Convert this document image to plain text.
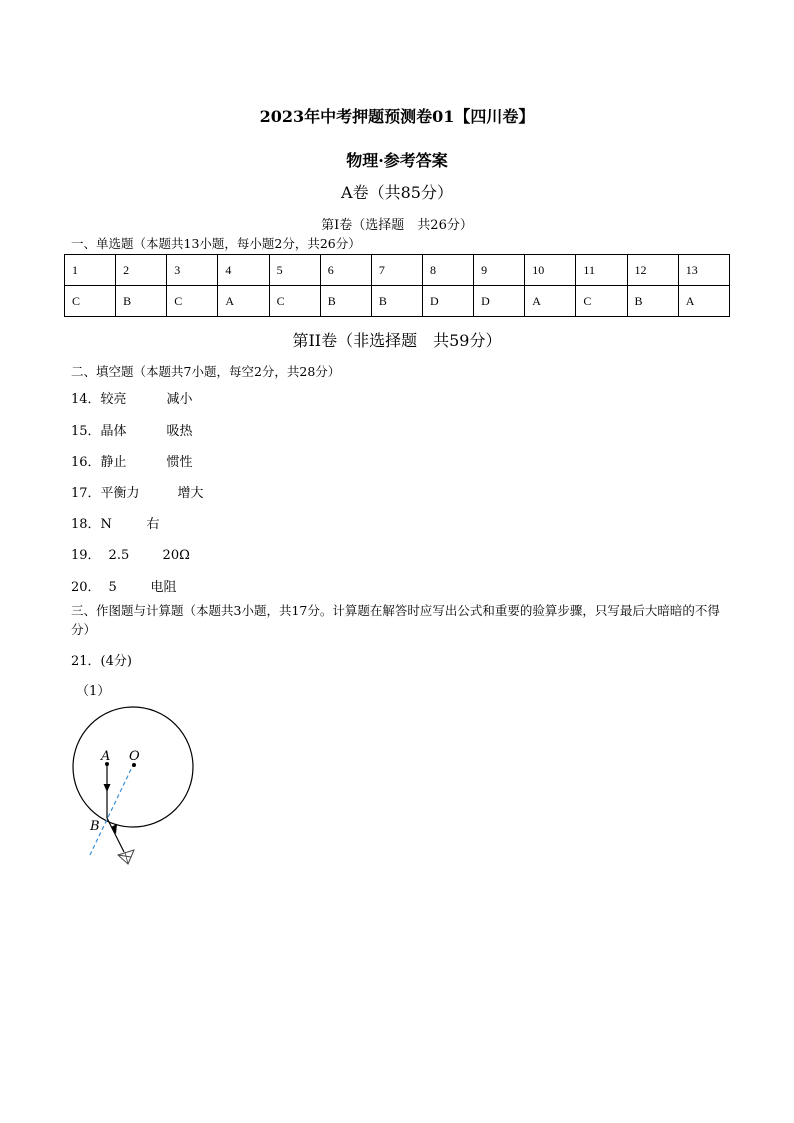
2023年中考押题预测卷01【四川卷】
物理·参考答案
A卷（共85分）
第Ⅰ卷（选择题　共26分）
一、单选题（本题共13小题，每小题2分，共26分）
1	2	3	4	5	6	7	8	9	10	11	12	13
C	B	C	A	C	B	B	D	D	A	C	B	A
第II卷（非选择题　共59分）
二、填空题（本题共7小题，每空2分，共28分）
14．较亮	减小
15．晶体	吸热
16．静止	惯性
17．平衡力	增大
18．N	右
19． 2.5	20Ω
20． 5	电阻
三、作图题与计算题（本题共3小题，共17分。计算题在解答时应写出公式和重要的验算步骤，只写最后大暗暗的不得分）
21．(4分)
（1）
A O
B
